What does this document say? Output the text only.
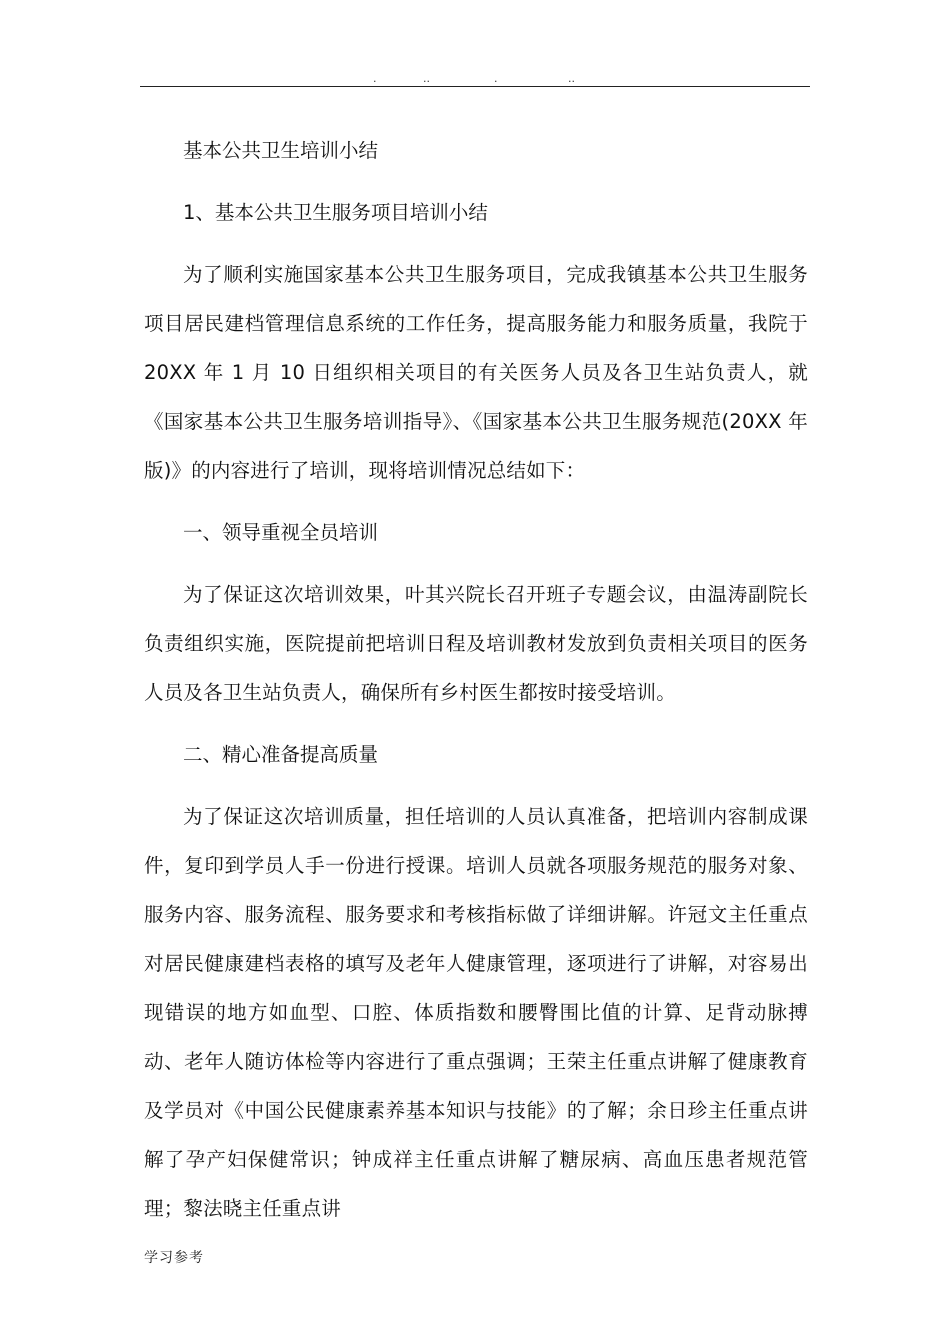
.	..	.	..

基本公共卫生培训小结

1、基本公共卫生服务项目培训小结

为了顺利实施国家基本公共卫生服务项目，完成我镇基本公共卫生服务项目居民建档管理信息系统的工作任务，提高服务能力和服务质量，我院于 20XX 年 1 月 10 日组织相关项目的有关医务人员及各卫生站负责人，就《国家基本公共卫生服务培训指导》、《国家基本公共卫生服务规范(20XX 年版)》的内容进行了培训，现将培训情况总结如下：

一、领导重视全员培训

为了保证这次培训效果，叶其兴院长召开班子专题会议，由温涛副院长负责组织实施，医院提前把培训日程及培训教材发放到负责相关项目的医务人员及各卫生站负责人，确保所有乡村医生都按时接受培训。

二、精心准备提高质量

为了保证这次培训质量，担任培训的人员认真准备，把培训内容制成课件，复印到学员人手一份进行授课。培训人员就各项服务规范的服务对象、服务内容、服务流程、服务要求和考核指标做了详细讲解。许冠文主任重点对居民健康建档表格的填写及老年人健康管理，逐项进行了讲解，对容易出现错误的地方如血型、口腔、体质指数和腰臀围比值的计算、足背动脉搏动、老年人随访体检等内容进行了重点强调；王荣主任重点讲解了健康教育及学员对《中国公民健康素养基本知识与技能》的了解；余日珍主任重点讲解了孕产妇保健常识；钟成祥主任重点讲解了糖尿病、高血压患者规范管理；黎法晓主任重点讲

学习参考
